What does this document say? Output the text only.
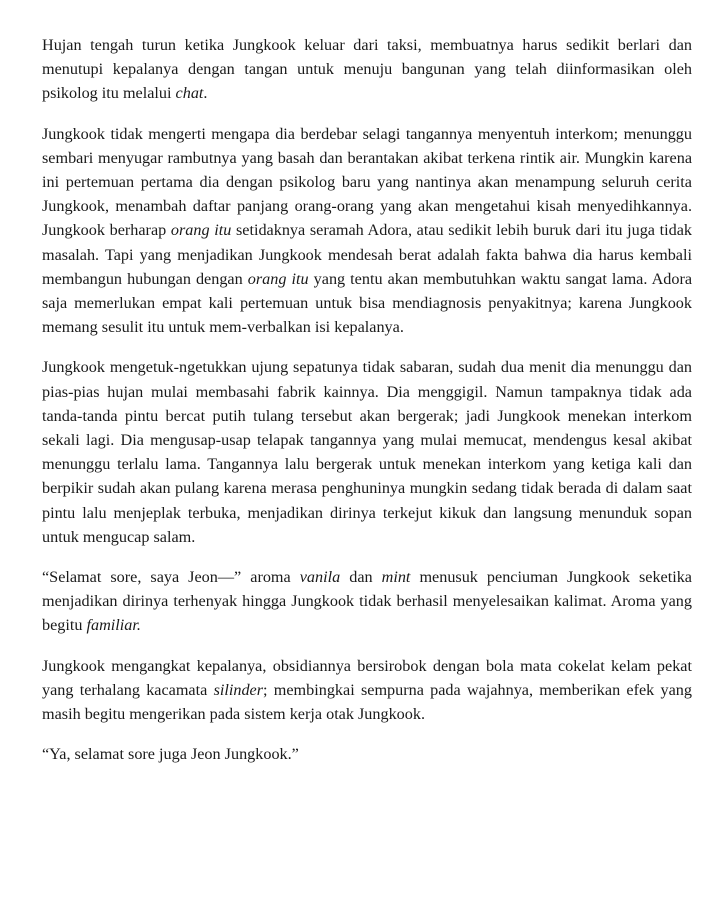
Hujan tengah turun ketika Jungkook keluar dari taksi, membuatnya harus sedikit berlari dan menutupi kepalanya dengan tangan untuk menuju bangunan yang telah diinformasikan oleh psikolog itu melalui chat.

Jungkook tidak mengerti mengapa dia berdebar selagi tangannya menyentuh interkom; menunggu sembari menyugar rambutnya yang basah dan berantakan akibat terkena rintik air. Mungkin karena ini pertemuan pertama dia dengan psikolog baru yang nantinya akan menampung seluruh cerita Jungkook, menambah daftar panjang orang-orang yang akan mengetahui kisah menyedihkannya. Jungkook berharap orang itu setidaknya seramah Adora, atau sedikit lebih buruk dari itu juga tidak masalah. Tapi yang menjadikan Jungkook mendesah berat adalah fakta bahwa dia harus kembali membangun hubungan dengan orang itu yang tentu akan membutuhkan waktu sangat lama. Adora saja memerlukan empat kali pertemuan untuk bisa mendiagnosis penyakitnya; karena Jungkook memang sesulit itu untuk mem-verbalkan isi kepalanya.

Jungkook mengetuk-ngetukkan ujung sepatunya tidak sabaran, sudah dua menit dia menunggu dan pias-pias hujan mulai membasahi fabrik kainnya. Dia menggigil. Namun tampaknya tidak ada tanda-tanda pintu bercat putih tulang tersebut akan bergerak; jadi Jungkook menekan interkom sekali lagi. Dia mengusap-usap telapak tangannya yang mulai memucat, mendengus kesal akibat menunggu terlalu lama. Tangannya lalu bergerak untuk menekan interkom yang ketiga kali dan berpikir sudah akan pulang karena merasa penghuninya mungkin sedang tidak berada di dalam saat pintu lalu menjeplak terbuka, menjadikan dirinya terkejut kikuk dan langsung menunduk sopan untuk mengucap salam.

“Selamat sore, saya Jeon—” aroma vanila dan mint menusuk penciuman Jungkook seketika menjadikan dirinya terhenyak hingga Jungkook tidak berhasil menyelesaikan kalimat. Aroma yang begitu familiar.

Jungkook mengangkat kepalanya, obsidiannya bersirobok dengan bola mata cokelat kelam pekat yang terhalang kacamata silinder; membingkai sempurna pada wajahnya, memberikan efek yang masih begitu mengerikan pada sistem kerja otak Jungkook.

“Ya, selamat sore juga Jeon Jungkook.”
